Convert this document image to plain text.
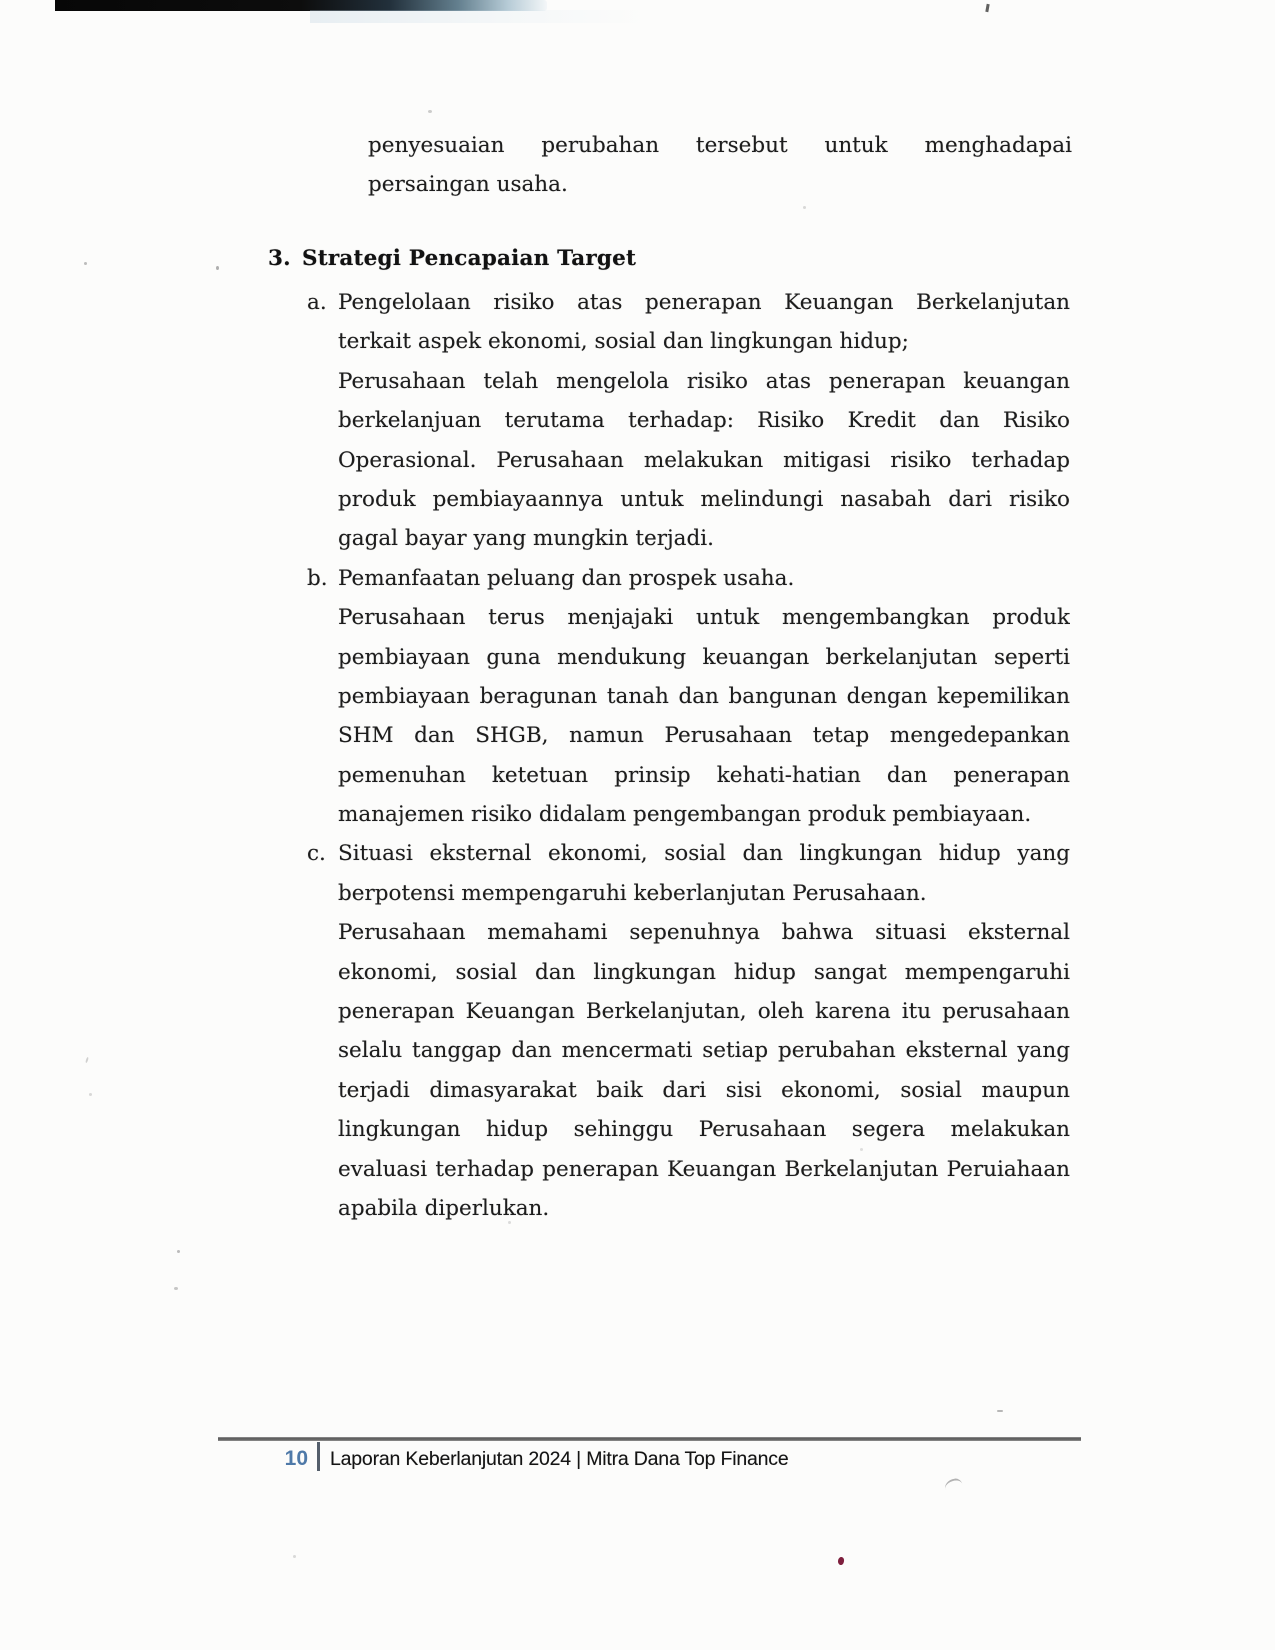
penyesuaian perubahan tersebut untuk menghadapai
persaingan usaha.
3. Strategi Pencapaian Target
a. Pengelolaan risiko atas penerapan Keuangan Berkelanjutan
terkait aspek ekonomi, sosial dan lingkungan hidup;
Perusahaan telah mengelola risiko atas penerapan keuangan
berkelanjuan terutama terhadap: Risiko Kredit dan Risiko
Operasional. Perusahaan melakukan mitigasi risiko terhadap
produk pembiayaannya untuk melindungi nasabah dari risiko
gagal bayar yang mungkin terjadi.
b. Pemanfaatan peluang dan prospek usaha.
Perusahaan terus menjajaki untuk mengembangkan produk
pembiayaan guna mendukung keuangan berkelanjutan seperti
pembiayaan beragunan tanah dan bangunan dengan kepemilikan
SHM dan SHGB, namun Perusahaan tetap mengedepankan
pemenuhan ketetuan prinsip kehati-hatian dan penerapan
manajemen risiko didalam pengembangan produk pembiayaan.
c. Situasi eksternal ekonomi, sosial dan lingkungan hidup yang
berpotensi mempengaruhi keberlanjutan Perusahaan.
Perusahaan memahami sepenuhnya bahwa situasi eksternal
ekonomi, sosial dan lingkungan hidup sangat mempengaruhi
penerapan Keuangan Berkelanjutan, oleh karena itu perusahaan
selalu tanggap dan mencermati setiap perubahan eksternal yang
terjadi dimasyarakat baik dari sisi ekonomi, sosial maupun
lingkungan hidup sehinggu Perusahaan segera melakukan
evaluasi terhadap penerapan Keuangan Berkelanjutan Peruiahaan
apabila diperlukan.
10 Laporan Keberlanjutan 2024 | Mitra Dana Top Finance
